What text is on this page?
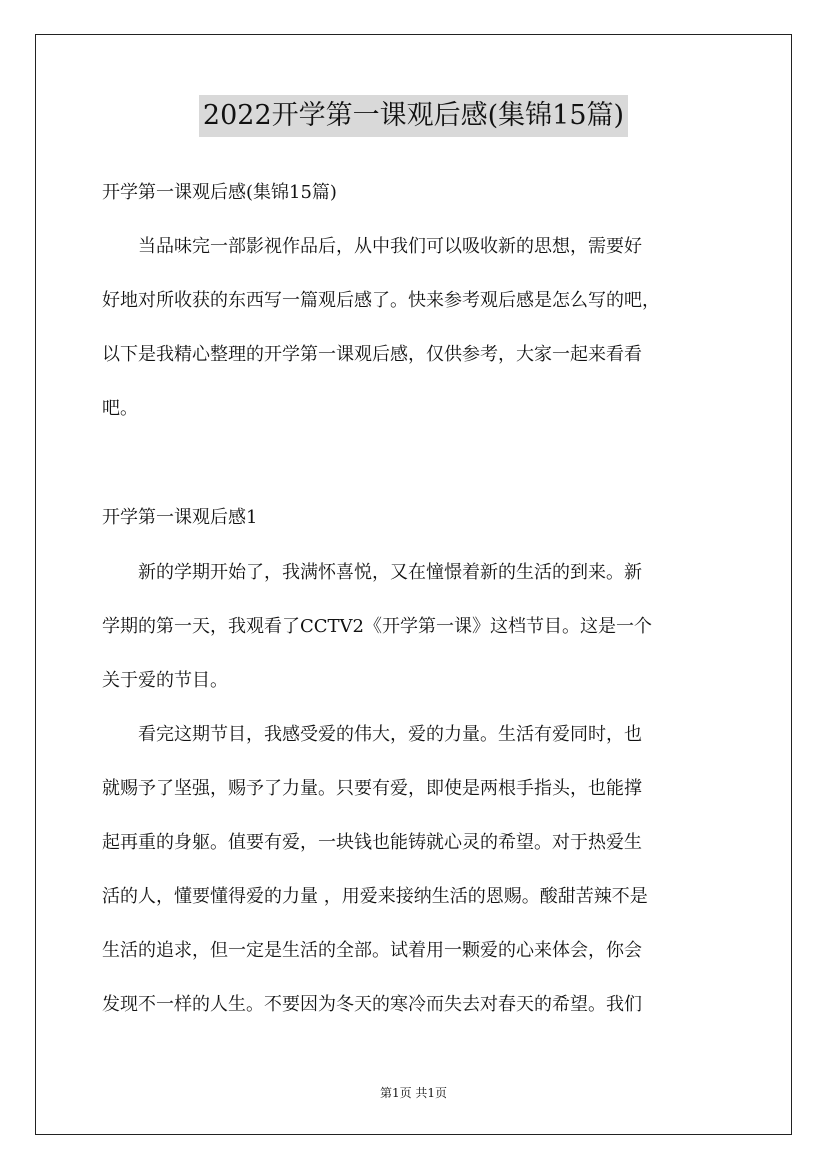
2022开学第一课观后感(集锦15篇)
开学第一课观后感(集锦15篇)
　　当品味完一部影视作品后，从中我们可以吸收新的思想，需要好
好地对所收获的东西写一篇观后感了。快来参考观后感是怎么写的吧，
以下是我精心整理的开学第一课观后感，仅供参考，大家一起来看看
吧。
开学第一课观后感1
　　新的学期开始了，我满怀喜悦，又在憧憬着新的生活的到来。新
学期的第一天，我观看了CCTV2《开学第一课》这档节目。这是一个
关于爱的节目。
　　看完这期节目，我感受爱的伟大，爱的力量。生活有爱同时，也
就赐予了坚强，赐予了力量。只要有爱，即使是两根手指头，也能撑
起再重的身躯。值要有爱，一块钱也能铸就心灵的希望。对于热爱生
活的人，懂要懂得爱的力量 ，用爱来接纳生活的恩赐。酸甜苦辣不是
生活的追求，但一定是生活的全部。试着用一颗爱的心来体会，你会
发现不一样的人生。不要因为冬天的寒冷而失去对春天的希望。我们
第1页 共1页
